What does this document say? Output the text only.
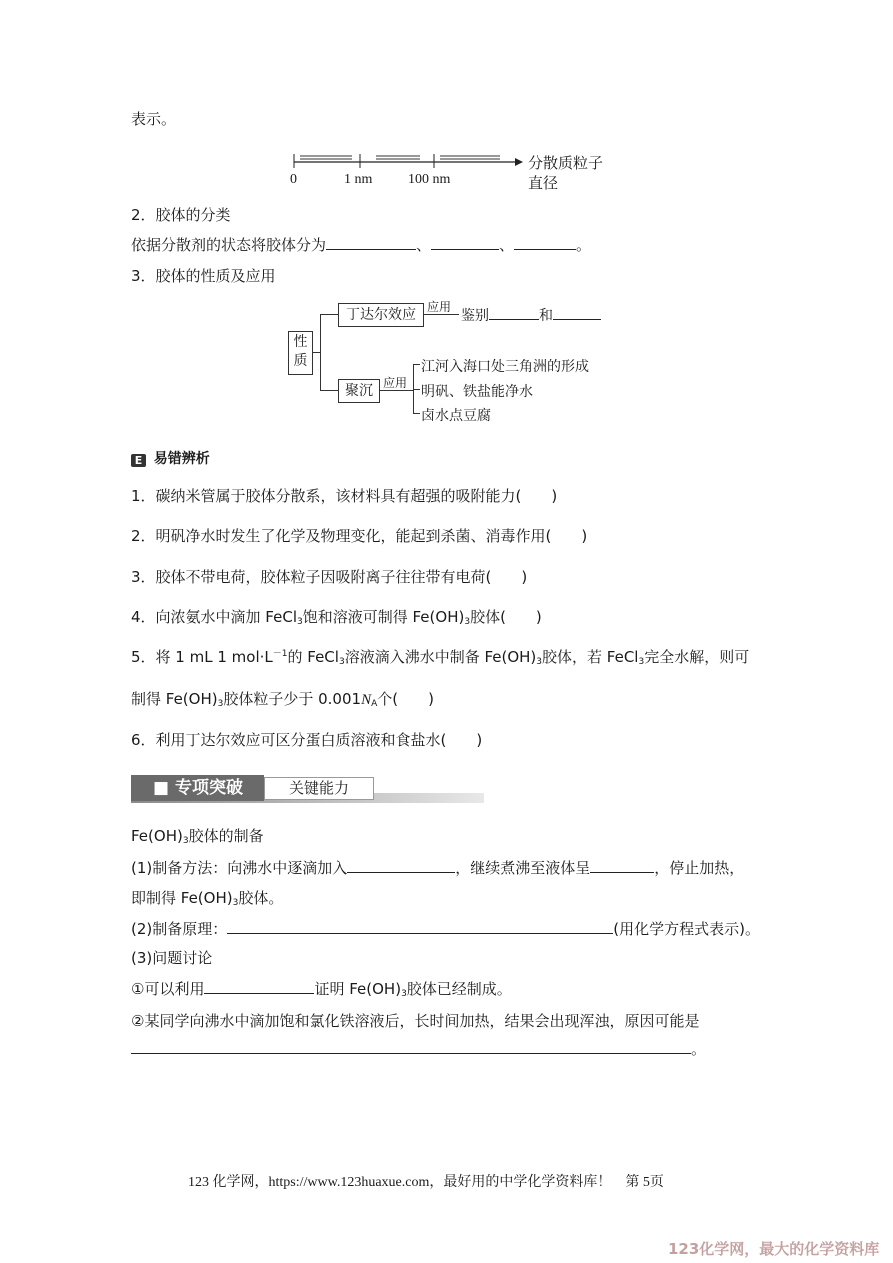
表示。
0	1 nm	100 nm
分散质粒子
直径
2．胶体的分类
依据分散剂的状态将胶体分为	、	、	。
3．胶体的性质及应用
性质
丁达尔效应 应用
鉴别	和
聚沉 应用
江河入海口处三角洲的形成
明矾、铁盐能净水
卤水点豆腐
E 易错辨析
1．碳纳米管属于胶体分散系，该材料具有超强的吸附能力(　　)
2．明矾净水时发生了化学及物理变化，能起到杀菌、消毒作用(　　)
3．胶体不带电荷，胶体粒子因吸附离子往往带有电荷(　　)
4．向浓氨水中滴加 FeCl$_3$饱和溶液可制得 $Fe(OH)_3$胶体(　　)
5．将 1 mL 1 $mol\cdot L^{-1}$的 FeCl$_3$溶液滴入沸水中制备 $Fe(OH)_3$胶体，若 FeCl$_3$完全水解，则可
制得 $Fe(OH)_3$胶体粒子少于 $0.001N_A$个(　　)
6．利用丁达尔效应可区分蛋白质溶液和食盐水(　　)
■ 专项突破	关键能力
$Fe(OH)_3$胶体的制备
(1)制备方法：向沸水中逐滴加入	，继续煮沸至液体呈	，停止加热，
即制得 $Fe(OH)_3$胶体。
(2)制备原理：	(用化学方程式表示)。
(3)问题讨论
①可以利用	证明 $Fe(OH)_3$胶体已经制成。
②某同学向沸水中滴加饱和氯化铁溶液后，长时间加热，结果会出现浑浊，原因可能是
。
123 化学网，https://www.123huaxue.com，最好用的中学化学资料库！　第 5页
123化学网，最大的化学资料库
